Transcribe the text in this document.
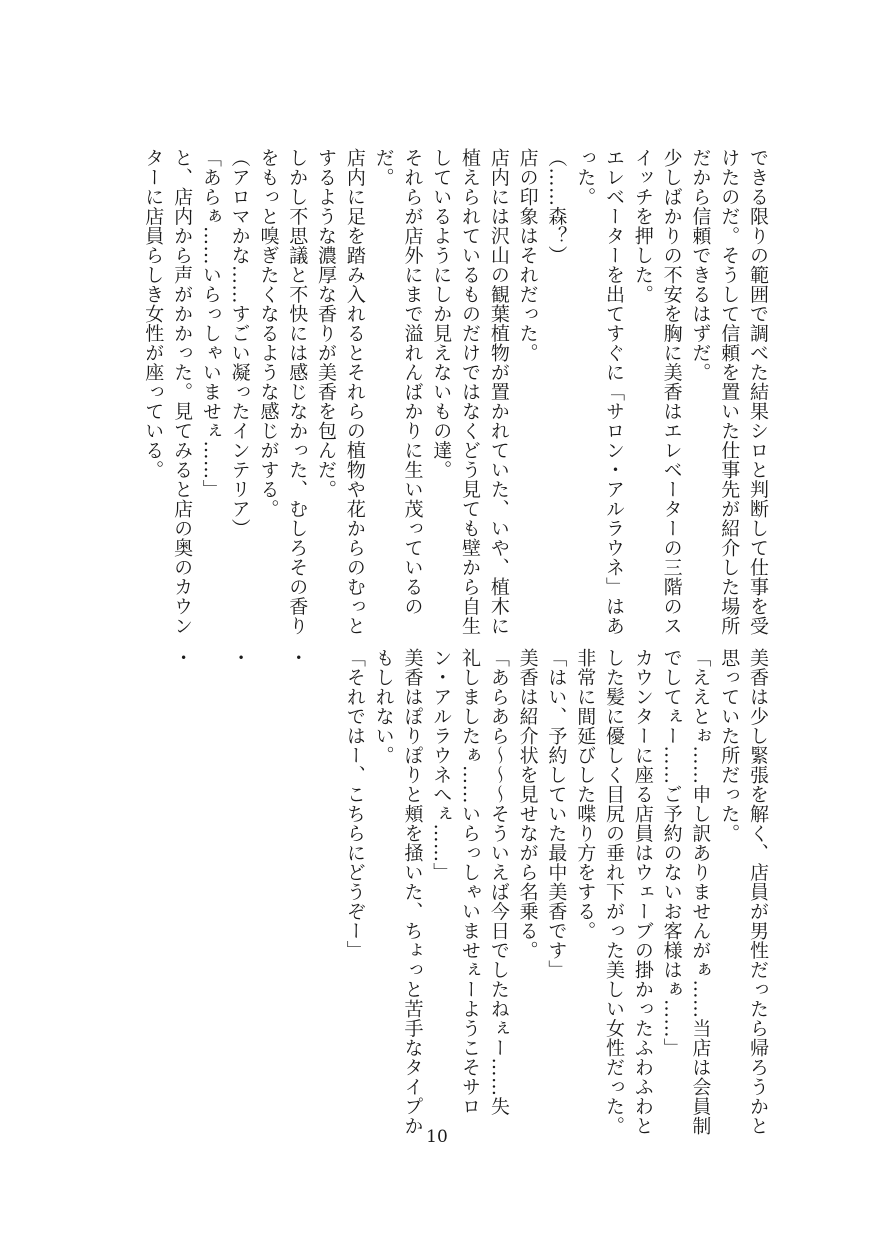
できる限りの範囲で調べた結果シロと判断して仕事を受
けたのだ。そうして信頼を置いた仕事先が紹介した場所
だから信頼できるはずだ。
少しばかりの不安を胸に美香はエレベーターの三階のス
イッチを押した。
エレベーターを出てすぐに「サロン・アルラウネ」はあ
った。
（……森？）
店の印象はそれだった。
店内には沢山の観葉植物が置かれていた、いや、植木に
植えられているものだけではなくどう見ても壁から自生
しているようにしか見えないもの達。
それらが店外にまで溢れんばかりに生い茂っているの
だ。
店内に足を踏み入れるとそれらの植物や花からのむっと
するような濃厚な香りが美香を包んだ。
しかし不思議と不快には感じなかった、むしろその香り
をもっと嗅ぎたくなるような感じがする。
（アロマかな……すごい凝ったインテリア）
「あらぁ……いらっしゃいませぇ……」
と、店内から声がかかった。見てみると店の奥のカウン
ターに店員らしき女性が座っている。
美香は少し緊張を解く、店員が男性だったら帰ろうかと
思っていた所だった。
「ええとぉ……申し訳ありませんがぁ……当店は会員制
でしてぇー……ご予約のないお客様はぁ……」
カウンターに座る店員はウェーブの掛かったふわふわと
した髪に優しく目尻の垂れ下がった美しい女性だった。
非常に間延びした喋り方をする。
「はい、予約していた最中美香です」
美香は紹介状を見せながら名乗る。
「あらあら～～～そういえば今日でしたねぇー……失
礼しましたぁ……いらっしゃいませぇーようこそサロ
ン・アルラウネへぇ……」
美香はぽりぽりと頬を掻いた、ちょっと苦手なタイプか
もしれない。
「それではー、こちらにどうぞー」
・
・
・
10
